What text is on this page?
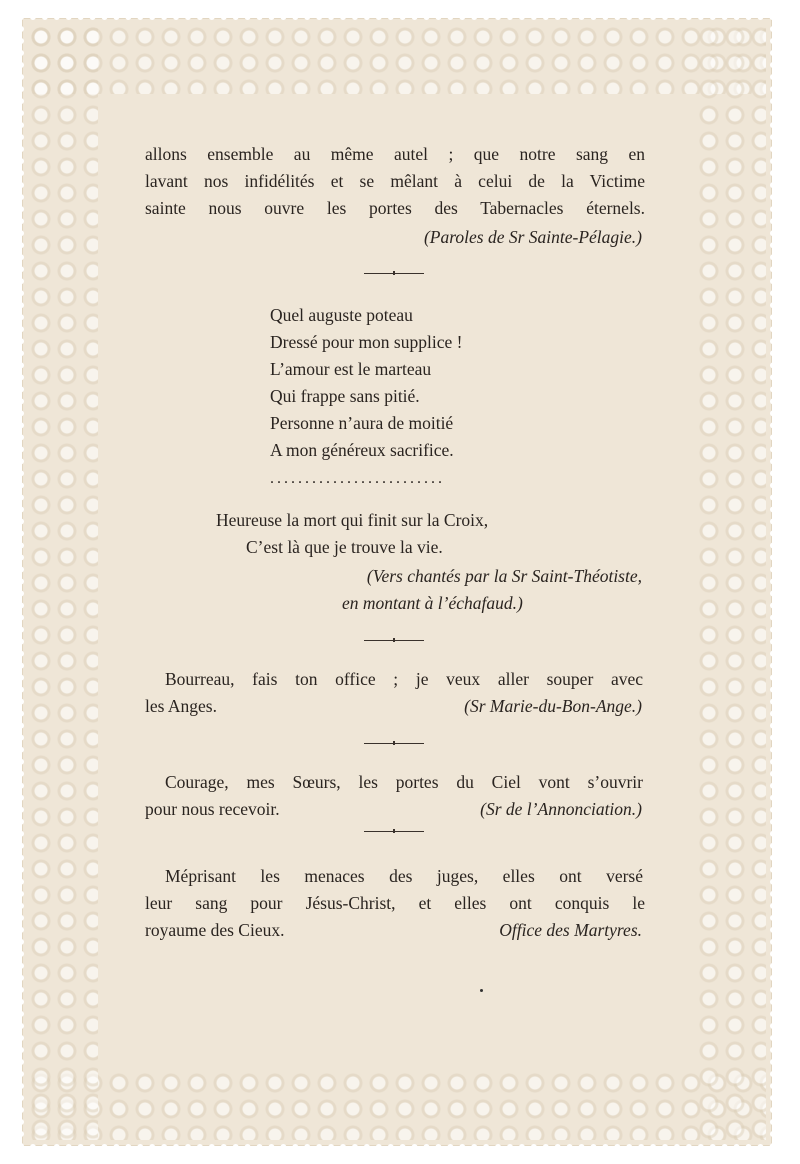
allons ensemble au même autel ; que notre sang en
lavant nos infidélités et se mêlant à celui de la Victime
sainte nous ouvre les portes des Tabernacles éternels.
(Paroles de Sr Sainte-Pélagie.)
Quel auguste poteau
Dressé pour mon supplice !
L’amour est le marteau
Qui frappe sans pitié.
Personne n’aura de moitié
A mon généreux sacrifice.
.........................
Heureuse la mort qui finit sur la Croix,
C’est là que je trouve la vie.
(Vers chantés par la Sr Saint-Théotiste,
en montant à l’échafaud.)
Bourreau, fais ton office ; je veux aller souper avec
les Anges.	(Sr Marie-du-Bon-Ange.)
Courage, mes Sœurs, les portes du Ciel vont s’ouvrir
pour nous recevoir.	(Sr de l’Annonciation.)
Méprisant les menaces des juges, elles ont versé
leur sang pour Jésus-Christ, et elles ont conquis le
royaume des Cieux.	Office des Martyres.
